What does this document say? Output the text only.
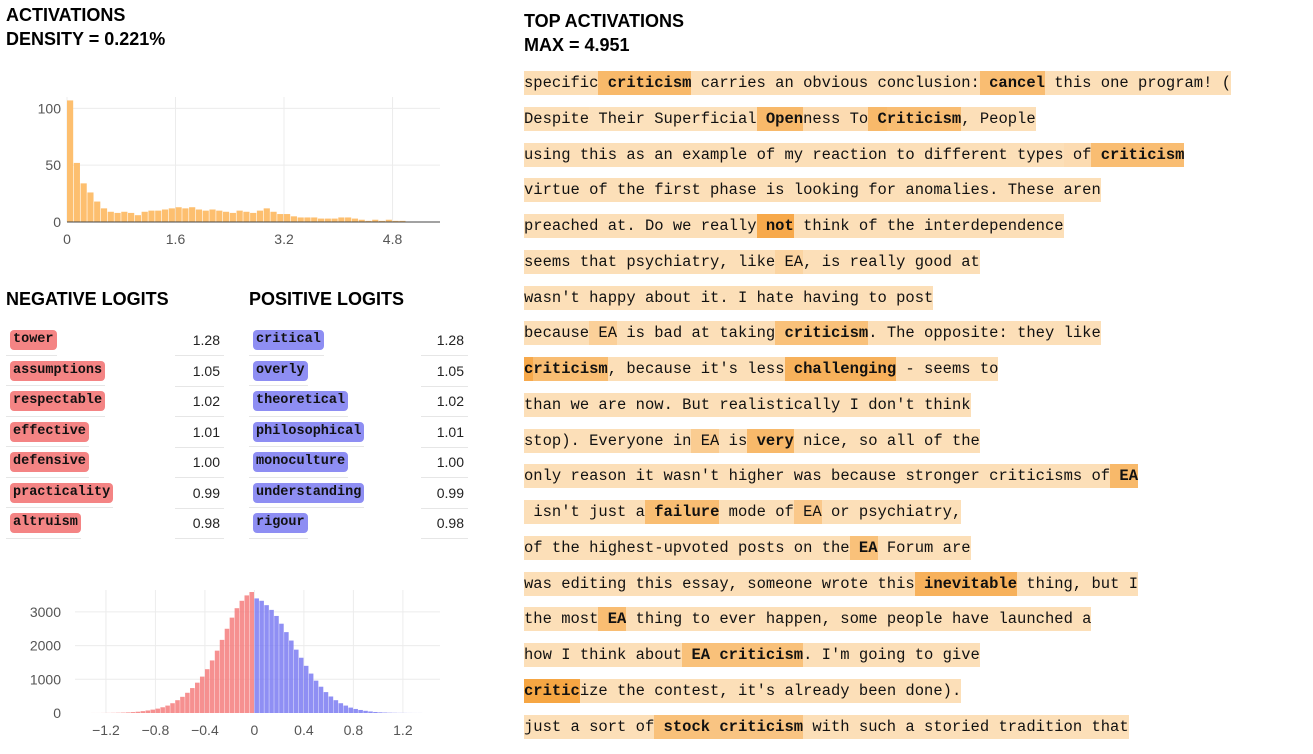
ACTIVATIONS
DENSITY = 0.221%
TOP ACTIVATIONS
MAX = 4.951
0	1.6	3.2	4.8
0
50
100
NEGATIVE LOGITS	POSITIVE LOGITS
tower	1.28
assumptions	1.05
respectable	1.02
effective	1.01
defensive	1.00
practicality	0.99
altruism	0.98
critical	1.28
overly	1.05
theoretical	1.02
philosophical	1.01
monoculture	1.00
understanding	0.99
rigour	0.98
−1.2 −0.8 −0.4 0	0.4 0.8 1.2
0
1000
2000
3000
specific criticism carries an obvious conclusion: cancel this one program! (
Despite Their Superficial Openness To Criticism, People
using this as an example of my reaction to different types of criticism
virtue of the first phase is looking for anomalies. These aren
preached at. Do we really not think of the interdependence
seems that psychiatry, like EA, is really good at
wasn't happy about it. I hate having to post
because EA is bad at taking criticism. The opposite: they like
criticism, because it's less challenging - seems to
than we are now. But realistically I don't think
stop). Everyone in EA is very nice, so all of the
only reason it wasn't higher was because stronger criticisms of EA
isn't just a failure mode of EA or psychiatry,
of the highest-upvoted posts on the EA Forum are
was editing this essay, someone wrote this inevitable thing, but I
the most EA thing to ever happen, some people have launched a
how I think about EA criticism. I'm going to give
criticize the contest, it's already been done).
just a sort of stock criticism with such a storied tradition that
